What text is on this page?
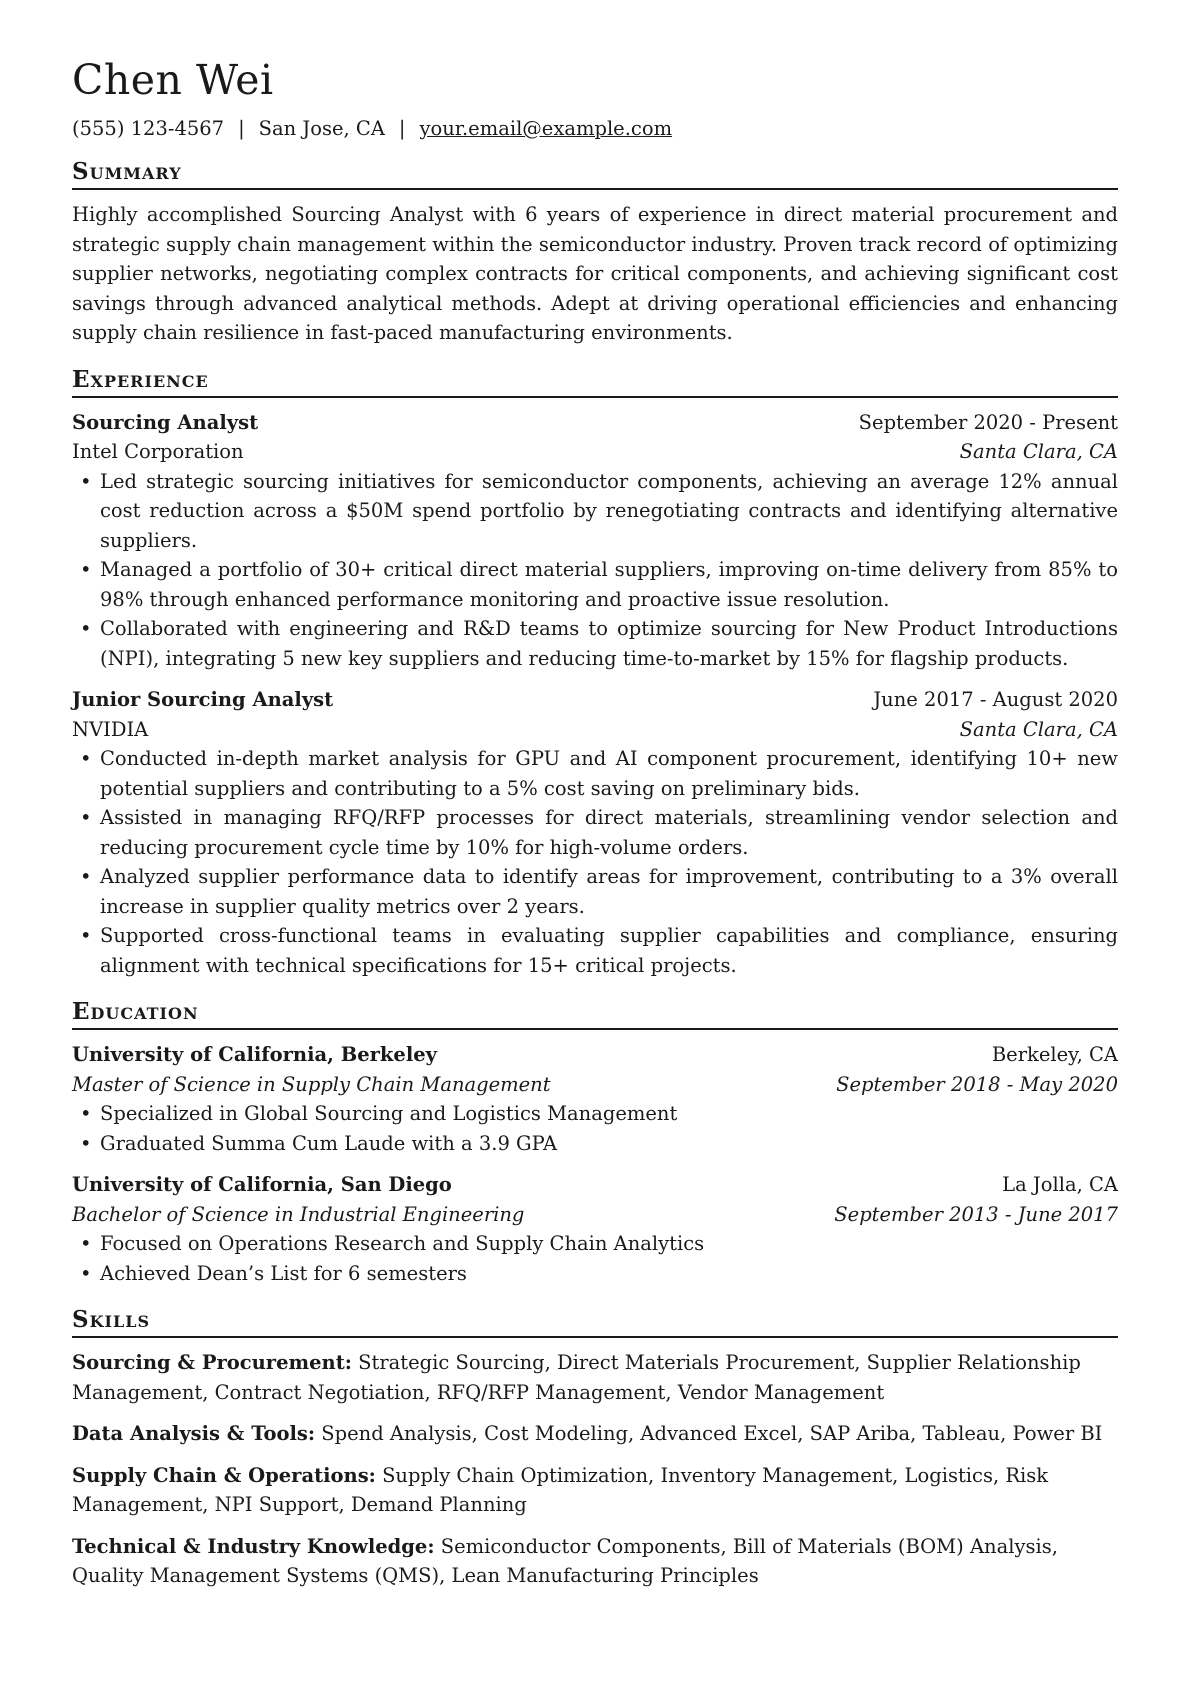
Chen Wei
(555) 123-4567 | San Jose, CA | your.email@example.com
Summary

Highly accomplished Sourcing Analyst with 6 years of experience in direct material procurement and strategic supply chain management within the semiconductor industry. Proven track record of optimizing supplier networks, negotiating complex contracts for critical components, and achieving significant cost savings through advanced analytical methods. Adept at driving operational efficiencies and enhancing supply chain resilience in fast-paced manufacturing environments.

Experience
Sourcing Analyst	September 2020 - Present
Intel Corporation	Santa Clara, CA
• Led strategic sourcing initiatives for semiconductor components, achieving an average 12% annual cost reduction across a $50M spend portfolio by renegotiating contracts and identifying alternative suppliers.
• Managed a portfolio of 30+ critical direct material suppliers, improving on-time delivery from 85% to 98% through enhanced performance monitoring and proactive issue resolution.
• Collaborated with engineering and R&D teams to optimize sourcing for New Product Introductions (NPI), integrating 5 new key suppliers and reducing time-to-market by 15% for flagship products.
Junior Sourcing Analyst	June 2017 - August 2020
NVIDIA	Santa Clara, CA
• Conducted in-depth market analysis for GPU and AI component procurement, identifying 10+ new potential suppliers and contributing to a 5% cost saving on preliminary bids.
• Assisted in managing RFQ/RFP processes for direct materials, streamlining vendor selection and reducing procurement cycle time by 10% for high-volume orders.
• Analyzed supplier performance data to identify areas for improvement, contributing to a 3% overall increase in supplier quality metrics over 2 years.
• Supported cross-functional teams in evaluating supplier capabilities and compliance, ensuring alignment with technical specifications for 15+ critical projects.
Education
University of California, Berkeley	Berkeley, CA
Master of Science in Supply Chain Management	September 2018 - May 2020
• Specialized in Global Sourcing and Logistics Management
• Graduated Summa Cum Laude with a 3.9 GPA
University of California, San Diego	La Jolla, CA
Bachelor of Science in Industrial Engineering	September 2013 - June 2017
• Focused on Operations Research and Supply Chain Analytics
• Achieved Dean’s List for 6 semesters
Skills
Sourcing & Procurement: Strategic Sourcing, Direct Materials Procurement, Supplier Relationship Management, Contract Negotiation, RFQ/RFP Management, Vendor Management
Data Analysis & Tools: Spend Analysis, Cost Modeling, Advanced Excel, SAP Ariba, Tableau, Power BI
Supply Chain & Operations: Supply Chain Optimization, Inventory Management, Logistics, Risk Management, NPI Support, Demand Planning
Technical & Industry Knowledge: Semiconductor Components, Bill of Materials (BOM) Analysis, Quality Management Systems (QMS), Lean Manufacturing Principles
